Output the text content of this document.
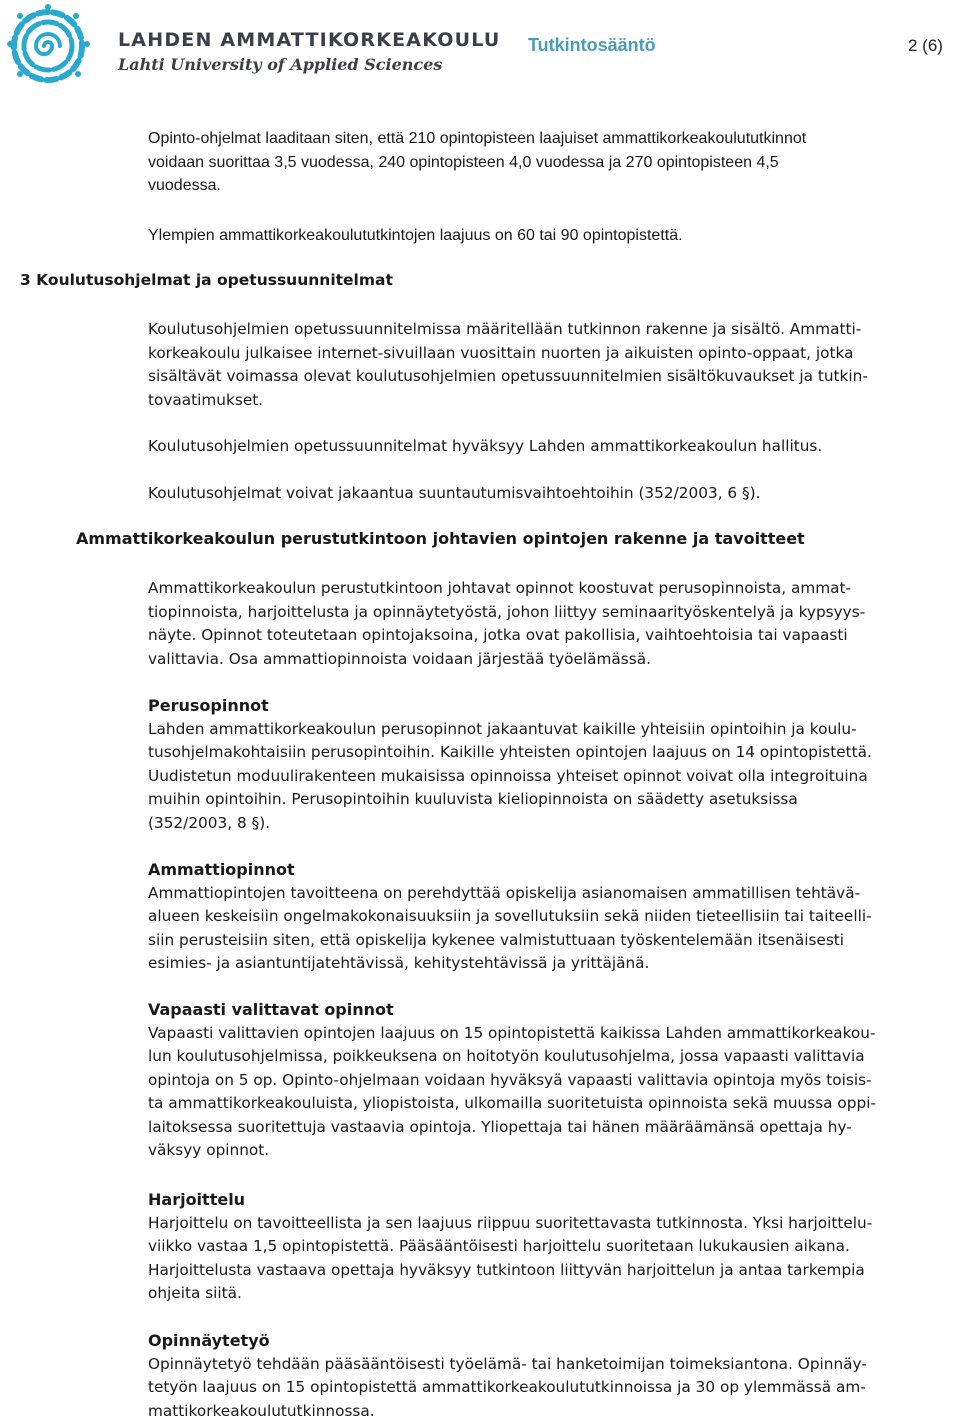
LAHDEN AMMATTIKORKEAKOULU

Lahti University of Applied Sciences

Tutkintosääntö	2 (6)

Opinto-ohjelmat laaditaan siten, että 210 opintopisteen laajuiset ammattikorkeakoulututkinnot
voidaan suorittaa 3,5 vuodessa, 240 opintopisteen 4,0 vuodessa ja 270 opintopisteen 4,5
vuodessa.

Ylempien ammattikorkeakoulututkintojen laajuus on 60 tai 90 opintopistettä.

3 Koulutusohjelmat ja opetussuunnitelmat

Koulutusohjelmien opetussuunnitelmissa määritellään tutkinnon rakenne ja sisältö. Ammatti-
korkeakoulu julkaisee internet-sivuillaan vuosittain nuorten ja aikuisten opinto-oppaat, jotka
sisältävät voimassa olevat koulutusohjelmien opetussuunnitelmien sisältökuvaukset ja tutkin-
tovaatimukset.

Koulutusohjelmien opetussuunnitelmat hyväksyy Lahden ammattikorkeakoulun hallitus.

Koulutusohjelmat voivat jakaantua suuntautumisvaihtoehtoihin (352/2003, 6 §).

Ammattikorkeakoulun perustutkintoon johtavien opintojen rakenne ja tavoitteet

Ammattikorkeakoulun perustutkintoon johtavat opinnot koostuvat perusopinnoista, ammat-
tiopinnoista, harjoittelusta ja opinnäytetyöstä, johon liittyy seminaarityöskentelyä ja kypsyys-
näyte. Opinnot toteutetaan opintojaksoina, jotka ovat pakollisia, vaihtoehtoisia tai vapaasti
valittavia. Osa ammattiopinnoista voidaan järjestää työelämässä.

Perusopinnot
Lahden ammattikorkeakoulun perusopinnot jakaantuvat kaikille yhteisiin opintoihin ja koulu-
tusohjelmakohtaisiin perusopintoihin. Kaikille yhteisten opintojen laajuus on 14 opintopistettä.
Uudistetun moduulirakenteen mukaisissa opinnoissa yhteiset opinnot voivat olla integroituina
muihin opintoihin. Perusopintoihin kuuluvista kieliopinnoista on säädetty asetuksissa
(352/2003, 8 §).
Ammattiopinnot
Ammattiopintojen tavoitteena on perehdyttää opiskelija asianomaisen ammatillisen tehtävä-
alueen keskeisiin ongelmakokonaisuuksiin ja sovellutuksiin sekä niiden tieteellisiin tai taiteelli-
siin perusteisiin siten, että opiskelija kykenee valmistuttuaan työskentelemään itsenäisesti
esimies- ja asiantuntijatehtävissä, kehitystehtävissä ja yrittäjänä.
Vapaasti valittavat opinnot
Vapaasti valittavien opintojen laajuus on 15 opintopistettä kaikissa Lahden ammattikorkeakou-
lun koulutusohjelmissa, poikkeuksena on hoitotyön koulutusohjelma, jossa vapaasti valittavia
opintoja on 5 op. Opinto-ohjelmaan voidaan hyväksyä vapaasti valittavia opintoja myös toisis-
ta ammattikorkeakouluista, yliopistoista, ulkomailla suoritetuista opinnoista sekä muussa oppi-
laitoksessa suoritettuja vastaavia opintoja. Yliopettaja tai hänen määräämänsä opettaja hy-
väksyy opinnot.
Harjoittelu
Harjoittelu on tavoitteellista ja sen laajuus riippuu suoritettavasta tutkinnosta. Yksi harjoittelu-
viikko vastaa 1,5 opintopistettä. Pääsääntöisesti harjoittelu suoritetaan lukukausien aikana.
Harjoittelusta vastaava opettaja hyväksyy tutkintoon liittyvän harjoittelun ja antaa tarkempia
ohjeita siitä.
Opinnäytetyö
Opinnäytetyö tehdään pääsääntöisesti työelämä- tai hanketoimijan toimeksiantona. Opinnäy-
tetyön laajuus on 15 opintopistettä ammattikorkeakoulututkinnoissa ja 30 op ylemmässä am-
mattikorkeakoulututkinnossa.
